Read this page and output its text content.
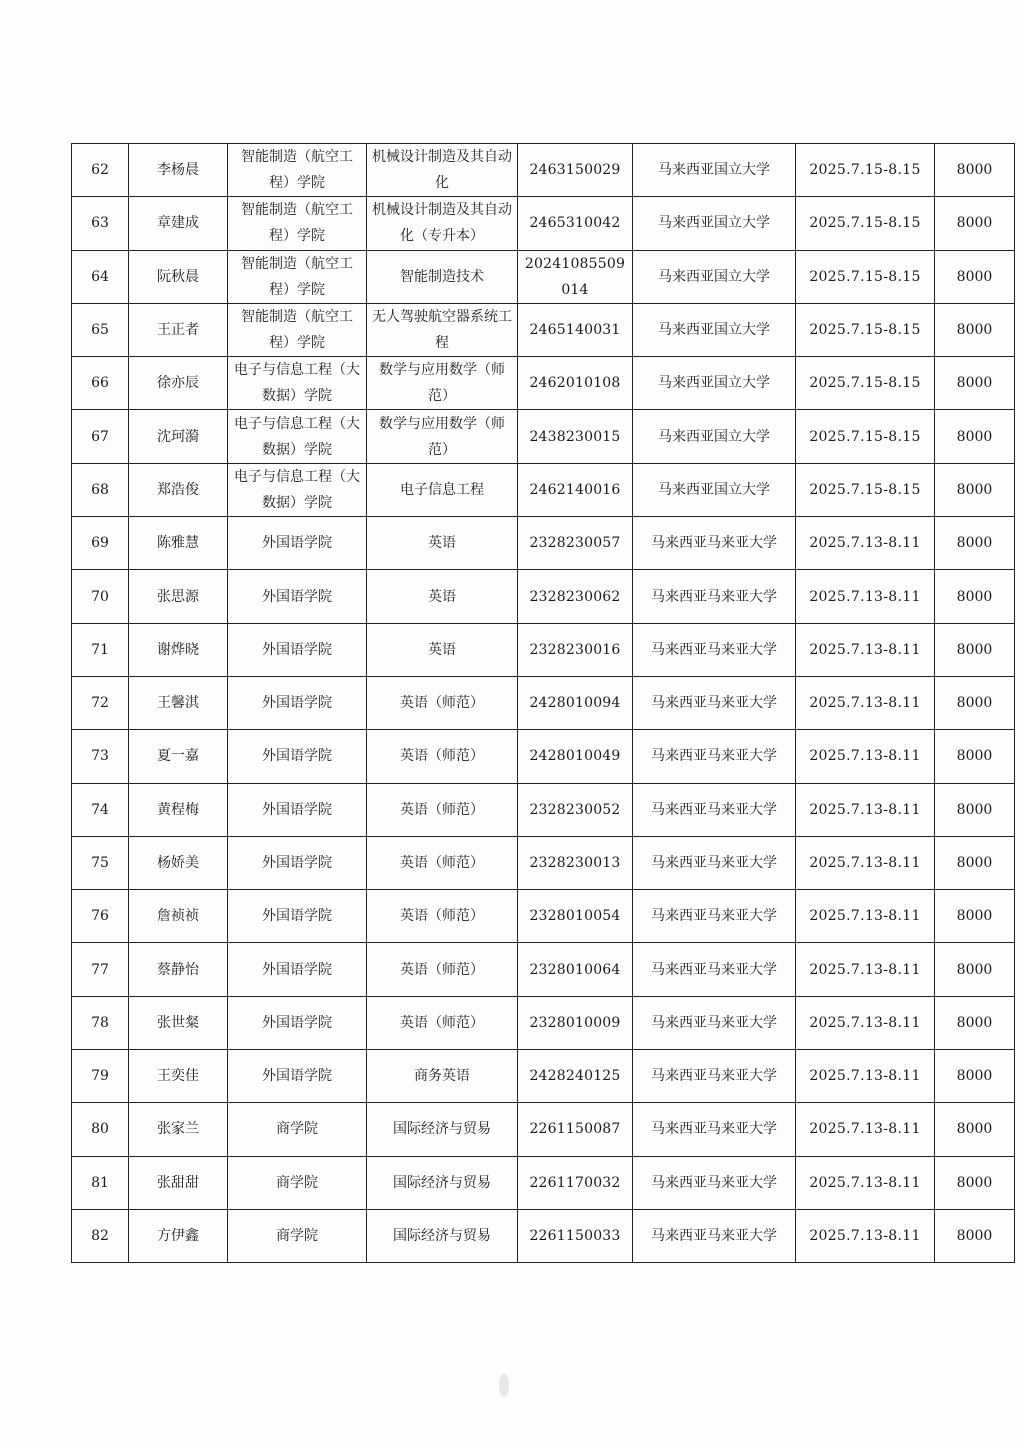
62	李杨晨	智能制造（航空工程）学院	机械设计制造及其自动化	2463150029	马来西亚国立大学	2025.7.15-8.15	8000
63	章建成	智能制造（航空工程）学院	机械设计制造及其自动化（专升本）	2465310042	马来西亚国立大学	2025.7.15-8.15	8000
64	阮秋晨	智能制造（航空工程）学院	智能制造技术	20241085509014	马来西亚国立大学	2025.7.15-8.15	8000
65	王正者	智能制造（航空工程）学院	无人驾驶航空器系统工程	2465140031	马来西亚国立大学	2025.7.15-8.15	8000
66	徐亦辰	电子与信息工程（大数据）学院	数学与应用数学（师范）	2462010108	马来西亚国立大学	2025.7.15-8.15	8000
67	沈珂漪	电子与信息工程（大数据）学院	数学与应用数学（师范）	2438230015	马来西亚国立大学	2025.7.15-8.15	8000
68	郑浩俊	电子与信息工程（大数据）学院	电子信息工程	2462140016	马来西亚国立大学	2025.7.15-8.15	8000
69	陈雅慧	外国语学院	英语	2328230057	马来西亚马来亚大学	2025.7.13-8.11	8000
70	张思源	外国语学院	英语	2328230062	马来西亚马来亚大学	2025.7.13-8.11	8000
71	谢烨晓	外国语学院	英语	2328230016	马来西亚马来亚大学	2025.7.13-8.11	8000
72	王馨淇	外国语学院	英语（师范）	2428010094	马来西亚马来亚大学	2025.7.13-8.11	8000
73	夏一嘉	外国语学院	英语（师范）	2428010049	马来西亚马来亚大学	2025.7.13-8.11	8000
74	黄程梅	外国语学院	英语（师范）	2328230052	马来西亚马来亚大学	2025.7.13-8.11	8000
75	杨娇美	外国语学院	英语（师范）	2328230013	马来西亚马来亚大学	2025.7.13-8.11	8000
76	詹祯祯	外国语学院	英语（师范）	2328010054	马来西亚马来亚大学	2025.7.13-8.11	8000
77	蔡静怡	外国语学院	英语（师范）	2328010064	马来西亚马来亚大学	2025.7.13-8.11	8000
78	张世粲	外国语学院	英语（师范）	2328010009	马来西亚马来亚大学	2025.7.13-8.11	8000
79	王奕佳	外国语学院	商务英语	2428240125	马来西亚马来亚大学	2025.7.13-8.11	8000
80	张家兰	商学院	国际经济与贸易	2261150087	马来西亚马来亚大学	2025.7.13-8.11	8000
81	张甜甜	商学院	国际经济与贸易	2261170032	马来西亚马来亚大学	2025.7.13-8.11	8000
82	方伊鑫	商学院	国际经济与贸易	2261150033	马来西亚马来亚大学	2025.7.13-8.11	8000
